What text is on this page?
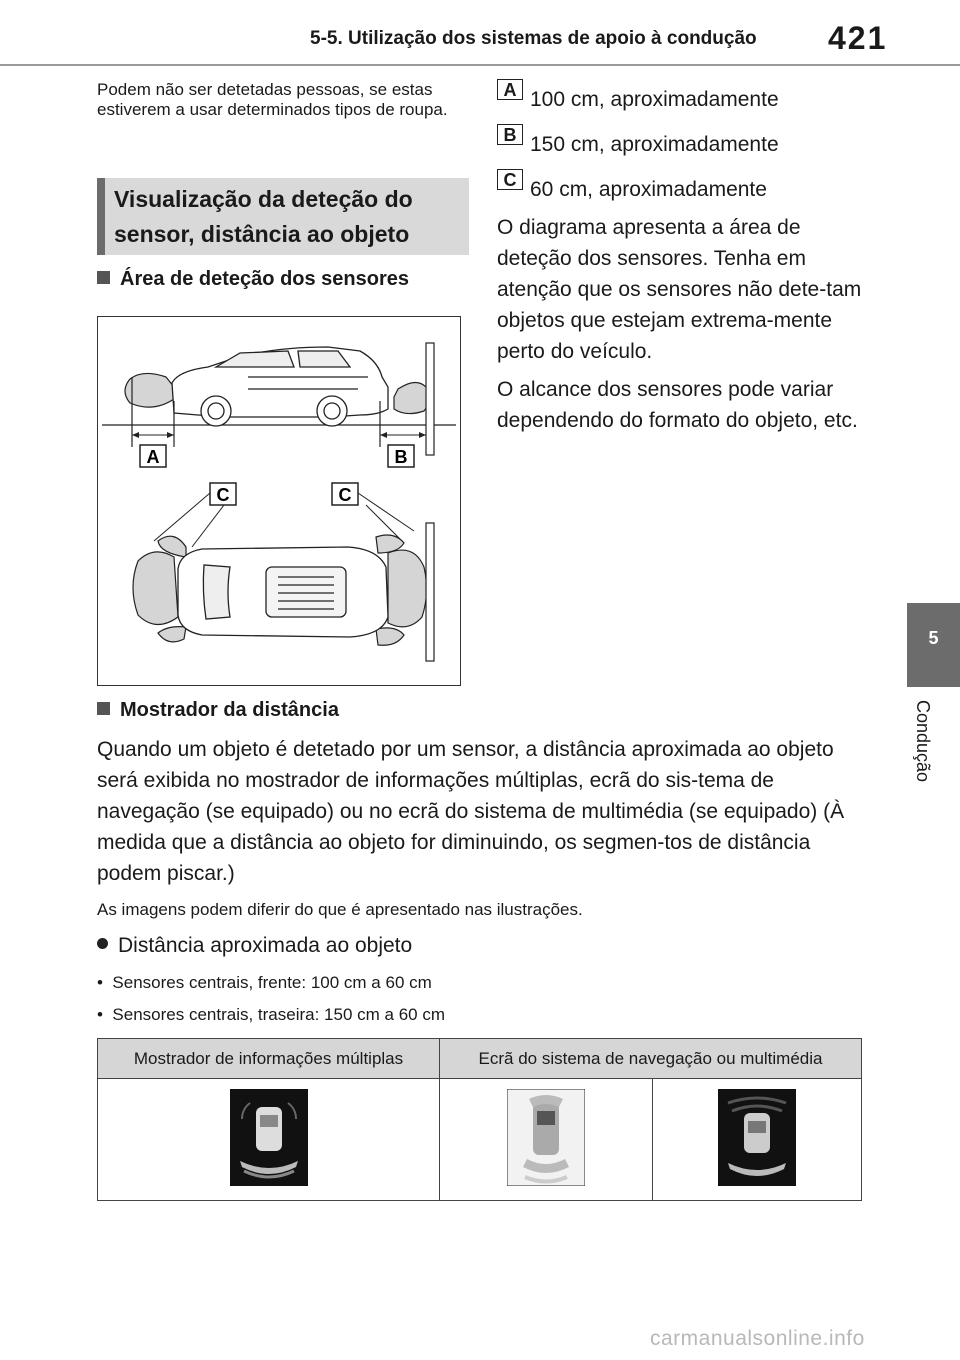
5-5. Utilização dos sistemas de apoio à condução 421
5
Condução
Podem não ser detetadas pessoas, se estas estiverem a usar determinados tipos de roupa.
Visualização da deteção do sensor, distância ao objeto
Área de deteção dos sensores
A	B
C	C
A 100 cm, aproximadamente
B 150 cm, aproximadamente
C 60 cm, aproximadamente
O diagrama apresenta a área de deteção dos sensores. Tenha em atenção que os sensores não dete-tam objetos que estejam extrema-mente perto do veículo.
O alcance dos sensores pode variar dependendo do formato do objeto, etc.
Mostrador da distância
Quando um objeto é detetado por um sensor, a distância aproximada ao objeto será exibida no mostrador de informações múltiplas, ecrã do sis-tema de navegação (se equipado) ou no ecrã do sistema de multimédia (se equipado) (À medida que a distância ao objeto for diminuindo, os segmen-tos de distância podem piscar.)
As imagens podem diferir do que é apresentado nas ilustrações.
Distância aproximada ao objeto
•  Sensores centrais, frente: 100 cm a 60 cm
•  Sensores centrais, traseira: 150 cm a 60 cm
Mostrador de informações múltiplas	Ecrã do sistema de navegação ou multimédia	

carmanualsonline.info
